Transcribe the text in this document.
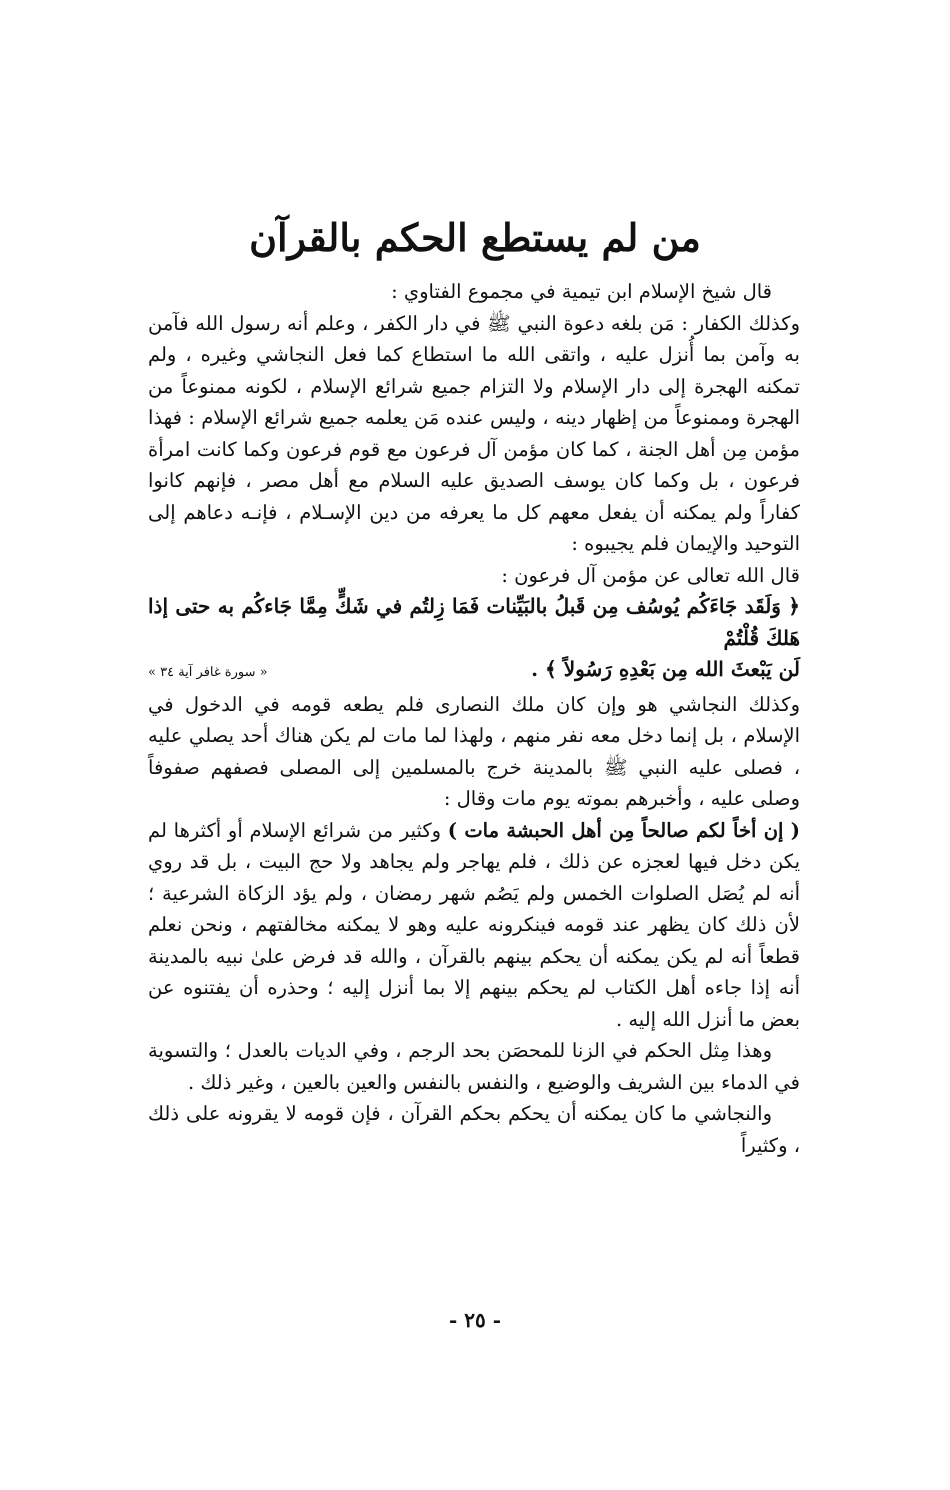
من لم يستطع الحكم بالقرآن

قال شيخ الإسلام ابن تيمية في مجموع الفتاوي :

وكذلك الكفار : مَن بلغه دعوة النبي ﷺ في دار الكفر ، وعلم أنه رسول الله فآمن به وآمن بما أُنزل عليه ، واتقى الله ما استطاع كما فعل النجاشي وغيره ، ولم تمكنه الهجرة إلى دار الإسلام ولا التزام جميع شرائع الإسلام ، لكونه ممنوعاً من الهجرة وممنوعاً من إظهار دينه ، وليس عنده مَن يعلمه جميع شرائع الإسلام : فهذا مؤمن مِن أهل الجنة ، كما كان مؤمن آل فرعون مع قوم فرعون وكما كانت امرأة فرعون ، بل وكما كان يوسف الصديق عليه السلام مع أهل مصر ، فإنهم كانوا كفاراً ولم يمكنه أن يفعل معهم كل ما يعرفه من دين الإسـلام ، فإنـه دعاهم إلى التوحيد والإيمان فلم يجيبوه :

قال الله تعالى عن مؤمن آل فرعون :

﴿ وَلَقَد جَاءَكُم يُوسُف مِن قَبلُ بالبَيِّنات فَمَا زِلتُم في شَكٍّ مِمَّا جَاءكُم به حتى إذا هَلكَ قُلْتُمْ

لَن يَبْعثَ الله مِن بَعْدِهِ رَسُولاً ﴾ .
« سورة غافر آية ٣٤ »

وكذلك النجاشي هو وإن كان ملك النصارى فلم يطعه قومه في الدخول في الإسلام ، بل إنما دخل معه نفر منهم ، ولهذا لما مات لم يكن هناك أحد يصلي عليه ، فصلى عليه النبي ﷺ بالمدينة خرج بالمسلمين إلى المصلى فصفهم صفوفاً وصلى عليه ، وأخبرهم بموته يوم مات وقال :

( إن أخاً لكم صالحاً مِن أهل الحبشة مات ) وكثير من شرائع الإسلام أو أكثرها لم يكن دخل فيها لعجزه عن ذلك ، فلم يهاجر ولم يجاهد ولا حج البيت ، بل قد روي أنه لم يُصَل الصلوات الخمس ولم يَصُم شهر رمضان ، ولم يؤد الزكاة الشرعية ؛ لأن ذلك كان يظهر عند قومه فينكرونه عليه وهو لا يمكنه مخالفتهم ، ونحن نعلم قطعاً أنه لم يكن يمكنه أن يحكم بينهم بالقرآن ، والله قد فرض علىٰ نبيه بالمدينة أنه إذا جاءه أهل الكتاب لم يحكم بينهم إلا بما أنزل إليه ؛ وحذره أن يفتنوه عن بعض ما أنزل الله إليه .

وهذا مِثل الحكم في الزنا للمحصَن بحد الرجم ، وفي الديات بالعدل ؛ والتسوية في الدماء بين الشريف والوضيع ، والنفس بالنفس والعين بالعين ، وغير ذلك .

والنجاشي ما كان يمكنه أن يحكم بحكم القرآن ، فإن قومه لا يقرونه على ذلك ، وكثيراً

- ٢٥ -
